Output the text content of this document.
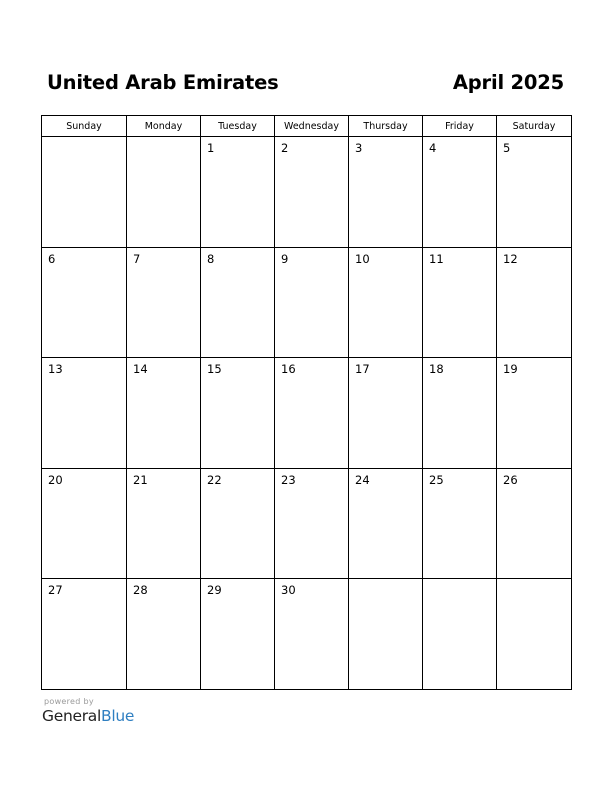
United Arab Emirates	April 2025
Sunday	Monday	Tuesday	Wednesday	Thursday	Friday	Saturday

		1	2	3	4	5

6	7	8	9	10	11	12

13	14	15	16	17	18	19

20	21	22	23	24	25	26

27	28	29	30			

powered by
GeneralBlue
